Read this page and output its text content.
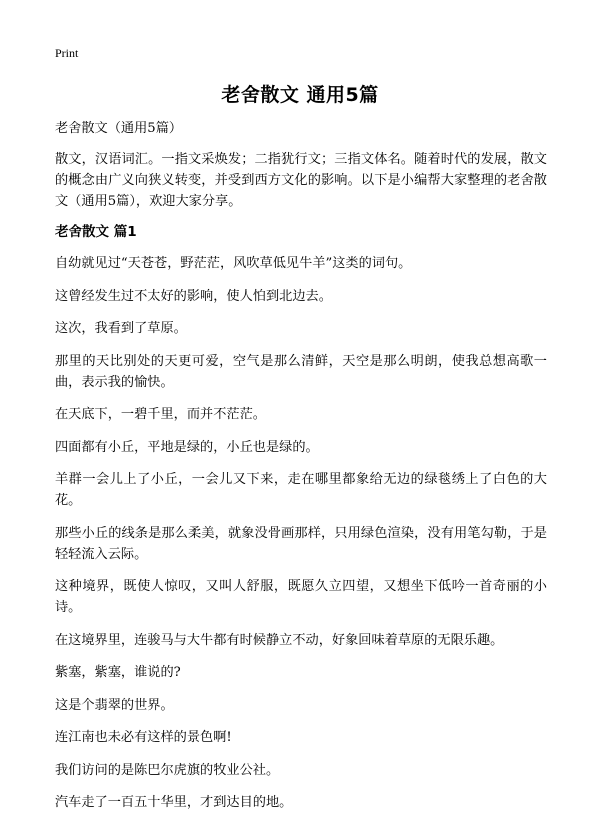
Print
老舍散文 通用5篇

老舍散文（通用5篇）

散文，汉语词汇。一指文采焕发；二指犹行文；三指文体名。随着时代的发展，散文的概念由广义向狭义转变，并受到西方文化的影响。以下是小编帮大家整理的老舍散文（通用5篇），欢迎大家分享。

老舍散文 篇1

自幼就见过“天苍苍，野茫茫，风吹草低见牛羊”这类的词句。

这曾经发生过不太好的影响，使人怕到北边去。

这次，我看到了草原。

那里的天比别处的天更可爱，空气是那么清鲜，天空是那么明朗，使我总想高歌一曲，表示我的愉快。

在天底下，一碧千里，而并不茫茫。

四面都有小丘，平地是绿的，小丘也是绿的。

羊群一会儿上了小丘，一会儿又下来，走在哪里都象给无边的绿毯绣上了白色的大花。

那些小丘的线条是那么柔美，就象没骨画那样，只用绿色渲染，没有用笔勾勒，于是轻轻流入云际。

这种境界，既使人惊叹，又叫人舒服，既愿久立四望，又想坐下低吟一首奇丽的小诗。

在这境界里，连骏马与大牛都有时候静立不动，好象回味着草原的无限乐趣。

紫塞，紫塞，谁说的?

这是个翡翠的世界。

连江南也未必有这样的景色啊!

我们访问的是陈巴尔虎旗的牧业公社。

汽车走了一百五十华里，才到达目的地。
